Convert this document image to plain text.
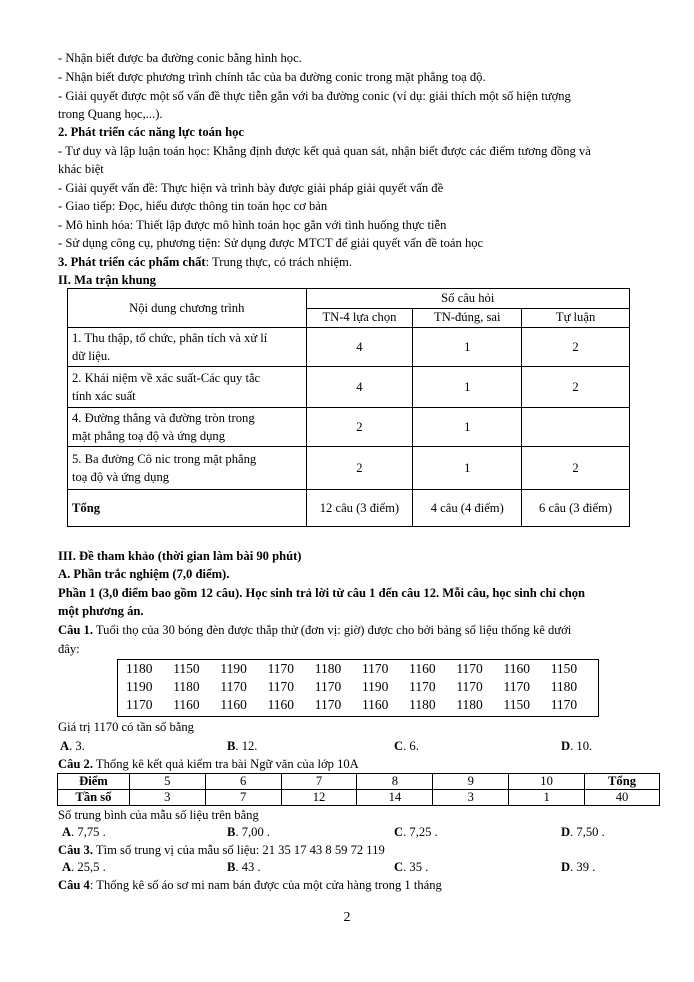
- Nhận biết được ba đường conic bằng hình học.
- Nhận biết được phương trình chính tắc của ba đường conic trong mặt phẳng toạ độ.
- Giải quyết được một số vấn đề thực tiễn gắn với ba đường conic (ví dụ: giải thích một số hiện tượng
trong Quang học,...).
2. Phát triển các năng lực toán học
- Tư duy và lập luận toán học: Khẳng định được kết quả quan sát, nhận biết được các điểm tương đồng và
khác biệt
- Giải quyết vấn đề: Thực hiện và trình bày được giải pháp giải quyết vấn đề
- Giao tiếp: Đọc, hiểu được thông tin toán học cơ bản
- Mô hình hóa: Thiết lập được mô hình toán học gắn với tình huống thực tiễn
- Sử dụng công cụ, phương tiện: Sử dụng được MTCT để giải quyết vấn đề toán học
3. Phát triển các phẩm chất: Trung thực, có trách nhiệm.
II. Ma trận khung
Nội dung chương trình	Số câu hỏi		
	TN-4 lựa chọn	TN-đúng, sai	Tự luận

1. Thu thập, tổ chức, phân tích và xử lí
dữ liệu.	4	1	2

2. Khái niệm về xác suất-Các quy tắc
tính xác suất	4	1	2

4. Đường thẳng và đường tròn trong
mặt phẳng toạ độ và ứng dụng	2	1	

5. Ba đường Cô nic trong mặt phẳng
toạ độ và ứng dụng	2	1	2
Tổng	12 câu (3 điểm)	4 câu (4 điểm)	6 câu (3 điểm)
III. Đề tham khảo (thời gian làm bài 90 phút)
A. Phần trắc nghiệm (7,0 điểm).
Phần 1 (3,0 điểm bao gồm 12 câu). Học sinh trả lời từ câu 1 đến câu 12. Mỗi câu, học sinh chỉ chọn
một phương án.
Câu 1. Tuổi thọ của 30 bóng đèn được thắp thử (đơn vị: giờ) được cho bởi bảng số liệu thống kê dưới
đây:
1180 1150 1190 1170 1180 1170 1160 1170 1160 1150
1190 1180 1170 1170 1170 1190 1170 1170 1170 1180
1170 1160 1160 1160 1170 1160 1180 1180 1150 1170
Giá trị 1170 có tần số bằng
A. 3.	B. 12.	C. 6.	D. 10.
Câu 2. Thống kê kết quả kiểm tra bài Ngữ văn của lớp 10A
Điểm	5	6	7	8	9	10	Tổng
Tần số	3	7	12	14	3	1	40
Số trung bình của mẫu số liệu trên bằng
A. 7,75 .	B. 7,00 .	C. 7,25 .	D. 7,50 .
Câu 3. Tìm số trung vị của mẫu số liệu: 21 35 17 43 8 59 72 119
A. 25,5 .	B. 43 .	C. 35 .	D. 39 .
Câu 4: Thống kê số áo sơ mi nam bán được của một cửa hàng trong 1 tháng
2
